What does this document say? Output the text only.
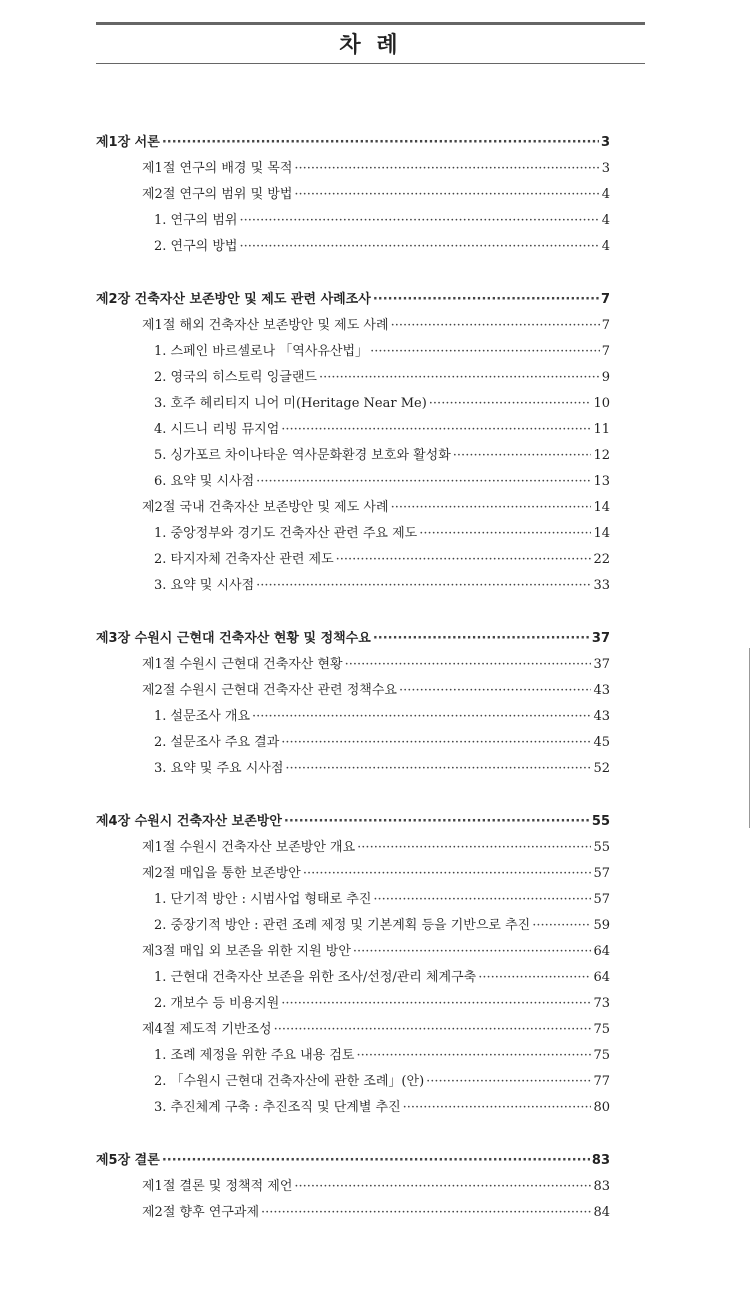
차 례
제1장 서론 ·····	3
제1절 연구의 배경 및 목적 ·····	3
제2절 연구의 범위 및 방법 ·····	4
1. 연구의 범위 ·····	4
2. 연구의 방법 ·····	4
제2장 건축자산 보존방안 및 제도 관련 사례조사 ·····	7
제1절 해외 건축자산 보존방안 및 제도 사례 ·····	7
1. 스페인 바르셀로나 「역사유산법」 ·····	7
2. 영국의 히스토릭 잉글랜드 ·····	9
3. 호주 헤리티지 니어 미(Heritage Near Me) ·····	10
4. 시드니 리빙 뮤지엄 ·····	11
5. 싱가포르 차이나타운 역사문화환경 보호와 활성화 ·····	12
6. 요약 및 시사점 ·····	13
제2절 국내 건축자산 보존방안 및 제도 사례 ·····	14
1. 중앙정부와 경기도 건축자산 관련 주요 제도 ·····	14
2. 타지자체 건축자산 관련 제도 ·····	22
3. 요약 및 시사점 ·····	33
제3장 수원시 근현대 건축자산 현황 및 정책수요 ·····	37
제1절 수원시 근현대 건축자산 현황 ·····	37
제2절 수원시 근현대 건축자산 관련 정책수요 ·····	43
1. 설문조사 개요 ·····	43
2. 설문조사 주요 결과 ·····	45
3. 요약 및 주요 시사점 ·····	52
제4장 수원시 건축자산 보존방안 ·····	55
제1절 수원시 건축자산 보존방안 개요 ·····	55
제2절 매입을 통한 보존방안 ·····	57
1. 단기적 방안 : 시범사업 형태로 추진 ·····	57
2. 중장기적 방안 : 관련 조례 제정 및 기본계획 등을 기반으로 추진 ·····	59
제3절 매입 외 보존을 위한 지원 방안 ·····	64
1. 근현대 건축자산 보존을 위한 조사/선정/관리 체계구축 ·····	64
2. 개보수 등 비용지원 ·····	73
제4절 제도적 기반조성 ·····	75
1. 조례 제정을 위한 주요 내용 검토 ·····	75
2. 「수원시 근현대 건축자산에 관한 조례」(안) ·····	77
3. 추진체계 구축 : 추진조직 및 단계별 추진 ·····	80
제5장 결론 ·····	83
제1절 결론 및 정책적 제언 ·····	83
제2절 향후 연구과제 ·····	84
